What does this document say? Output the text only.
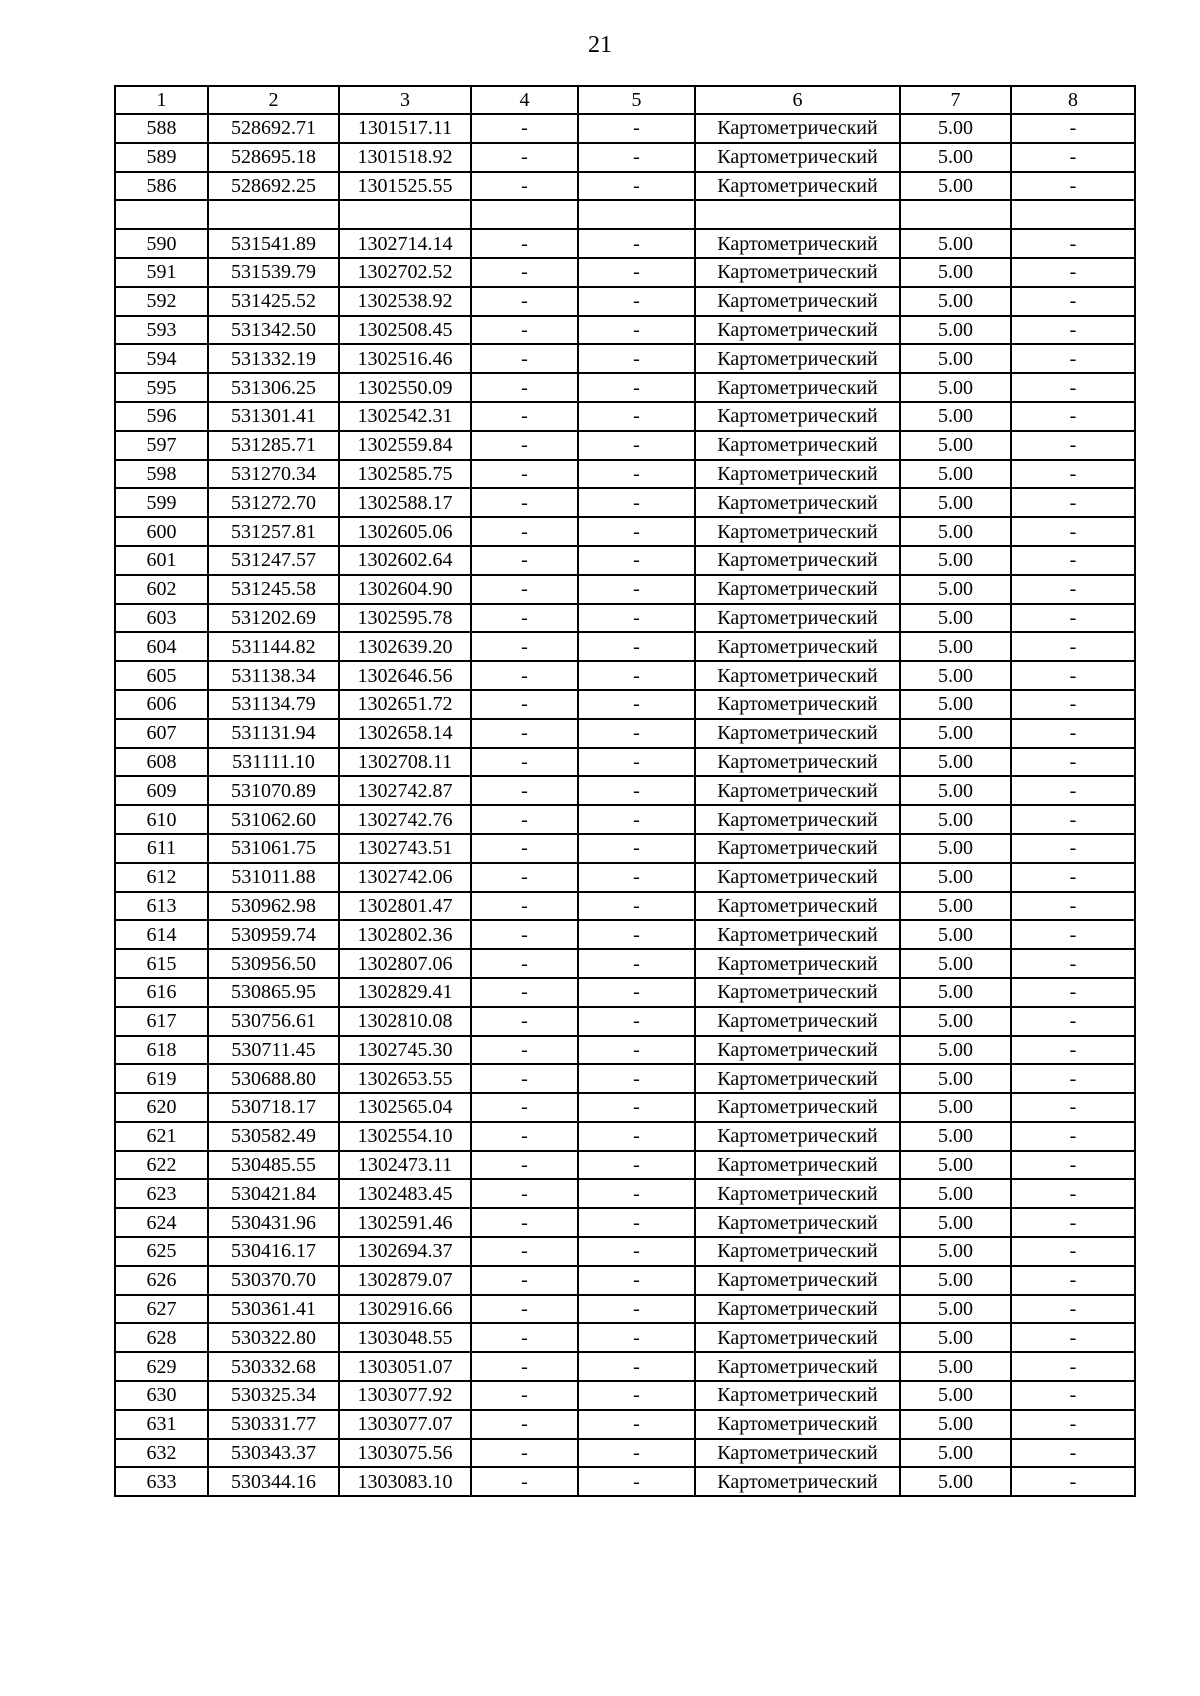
21
1	2	3	4	5	6	7	8
588	528692.71	1301517.11	-	-	Картометрический	5.00	-
589	528695.18	1301518.92	-	-	Картометрический	5.00	-
586	528692.25	1301525.55	-	-	Картометрический	5.00	-

590	531541.89	1302714.14	-	-	Картометрический	5.00	-
591	531539.79	1302702.52	-	-	Картометрический	5.00	-
592	531425.52	1302538.92	-	-	Картометрический	5.00	-
593	531342.50	1302508.45	-	-	Картометрический	5.00	-
594	531332.19	1302516.46	-	-	Картометрический	5.00	-
595	531306.25	1302550.09	-	-	Картометрический	5.00	-
596	531301.41	1302542.31	-	-	Картометрический	5.00	-
597	531285.71	1302559.84	-	-	Картометрический	5.00	-
598	531270.34	1302585.75	-	-	Картометрический	5.00	-
599	531272.70	1302588.17	-	-	Картометрический	5.00	-
600	531257.81	1302605.06	-	-	Картометрический	5.00	-
601	531247.57	1302602.64	-	-	Картометрический	5.00	-
602	531245.58	1302604.90	-	-	Картометрический	5.00	-
603	531202.69	1302595.78	-	-	Картометрический	5.00	-
604	531144.82	1302639.20	-	-	Картометрический	5.00	-
605	531138.34	1302646.56	-	-	Картометрический	5.00	-
606	531134.79	1302651.72	-	-	Картометрический	5.00	-
607	531131.94	1302658.14	-	-	Картометрический	5.00	-
608	531111.10	1302708.11	-	-	Картометрический	5.00	-
609	531070.89	1302742.87	-	-	Картометрический	5.00	-
610	531062.60	1302742.76	-	-	Картометрический	5.00	-
611	531061.75	1302743.51	-	-	Картометрический	5.00	-
612	531011.88	1302742.06	-	-	Картометрический	5.00	-
613	530962.98	1302801.47	-	-	Картометрический	5.00	-
614	530959.74	1302802.36	-	-	Картометрический	5.00	-
615	530956.50	1302807.06	-	-	Картометрический	5.00	-
616	530865.95	1302829.41	-	-	Картометрический	5.00	-
617	530756.61	1302810.08	-	-	Картометрический	5.00	-
618	530711.45	1302745.30	-	-	Картометрический	5.00	-
619	530688.80	1302653.55	-	-	Картометрический	5.00	-
620	530718.17	1302565.04	-	-	Картометрический	5.00	-
621	530582.49	1302554.10	-	-	Картометрический	5.00	-
622	530485.55	1302473.11	-	-	Картометрический	5.00	-
623	530421.84	1302483.45	-	-	Картометрический	5.00	-
624	530431.96	1302591.46	-	-	Картометрический	5.00	-
625	530416.17	1302694.37	-	-	Картометрический	5.00	-
626	530370.70	1302879.07	-	-	Картометрический	5.00	-
627	530361.41	1302916.66	-	-	Картометрический	5.00	-
628	530322.80	1303048.55	-	-	Картометрический	5.00	-
629	530332.68	1303051.07	-	-	Картометрический	5.00	-
630	530325.34	1303077.92	-	-	Картометрический	5.00	-
631	530331.77	1303077.07	-	-	Картометрический	5.00	-
632	530343.37	1303075.56	-	-	Картометрический	5.00	-
633	530344.16	1303083.10	-	-	Картометрический	5.00	-
